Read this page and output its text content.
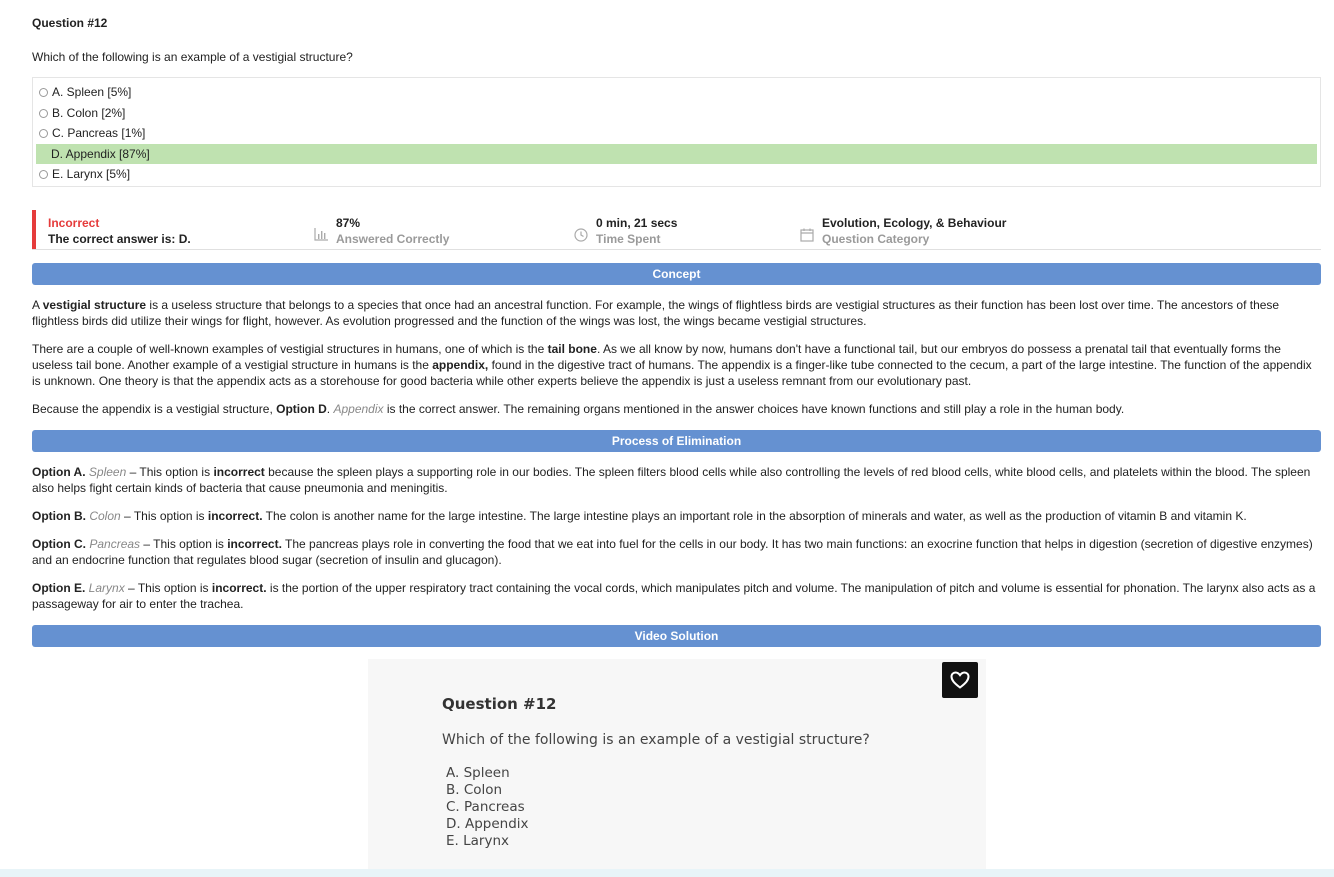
Question #12
Which of the following is an example of a vestigial structure?
A. Spleen [5%]
B. Colon [2%]
C. Pancreas [1%]
D. Appendix [87%]
E. Larynx [5%]
Incorrect
The correct answer is: D.
87%
Answered Correctly
0 min, 21 secs
Time Spent
Evolution, Ecology, & Behaviour
Question Category
Concept
A vestigial structure is a useless structure that belongs to a species that once had an ancestral function. For example, the wings of flightless birds are vestigial structures as their function has been lost over time. The ancestors of these flightless birds did utilize their wings for flight, however. As evolution progressed and the function of the wings was lost, the wings became vestigial structures.
There are a couple of well-known examples of vestigial structures in humans, one of which is the tail bone. As we all know by now, humans don't have a functional tail, but our embryos do possess a prenatal tail that eventually forms the useless tail bone. Another example of a vestigial structure in humans is the appendix, found in the digestive tract of humans. The appendix is a finger-like tube connected to the cecum, a part of the large intestine. The function of the appendix is unknown. One theory is that the appendix acts as a storehouse for good bacteria while other experts believe the appendix is just a useless remnant from our evolutionary past.
Because the appendix is a vestigial structure, Option D. Appendix is the correct answer. The remaining organs mentioned in the answer choices have known functions and still play a role in the human body.
Process of Elimination
Option A. Spleen – This option is incorrect because the spleen plays a supporting role in our bodies. The spleen filters blood cells while also controlling the levels of red blood cells, white blood cells, and platelets within the blood. The spleen also helps fight certain kinds of bacteria that cause pneumonia and meningitis.
Option B. Colon – This option is incorrect. The colon is another name for the large intestine. The large intestine plays an important role in the absorption of minerals and water, as well as the production of vitamin B and vitamin K.
Option C. Pancreas – This option is incorrect. The pancreas plays role in converting the food that we eat into fuel for the cells in our body. It has two main functions: an exocrine function that helps in digestion (secretion of digestive enzymes) and an endocrine function that regulates blood sugar (secretion of insulin and glucagon).
Option E. Larynx – This option is incorrect. is the portion of the upper respiratory tract containing the vocal cords, which manipulates pitch and volume. The manipulation of pitch and volume is essential for phonation. The larynx also acts as a passageway for air to enter the trachea.
Video Solution
Question #12
Which of the following is an example of a vestigial structure?
A. Spleen
B. Colon
C. Pancreas
D. Appendix
E. Larynx
